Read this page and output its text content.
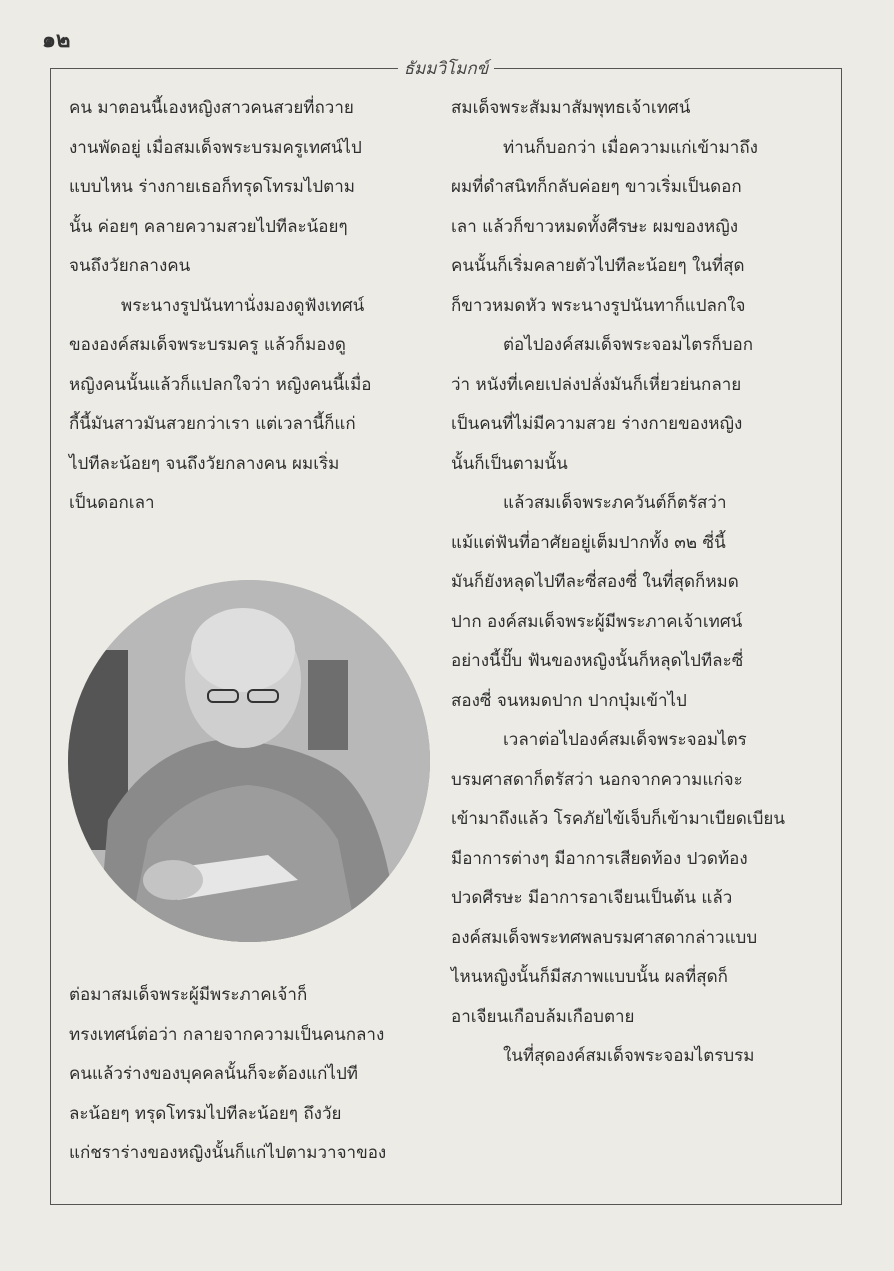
๑๒
ธัมมวิโมกข์

คน มาตอนนี้เองหญิงสาวคนสวยที่ถวาย

งานพัดอยู่ เมื่อสมเด็จพระบรมครูเทศน์ไป

แบบไหน ร่างกายเธอก็ทรุดโทรมไปตาม

นั้น ค่อยๆ คลายความสวยไปทีละน้อยๆ

จนถึงวัยกลางคน

พระนางรูปนันทานั่งมองดูฟังเทศน์

ขององค์สมเด็จพระบรมครู แล้วก็มองดู

หญิงคนนั้นแล้วก็แปลกใจว่า หญิงคนนี้เมื่อ

กี้นี้มันสาวมันสวยกว่าเรา แต่เวลานี้ก็แก่

ไปทีละน้อยๆ จนถึงวัยกลางคน ผมเริ่ม

เป็นดอกเลา

ต่อมาสมเด็จพระผู้มีพระภาคเจ้าก็

ทรงเทศน์ต่อว่า กลายจากความเป็นคนกลาง

คนแล้วร่างของบุคคลนั้นก็จะต้องแก่ไปที

ละน้อยๆ ทรุดโทรมไปทีละน้อยๆ ถึงวัย

แก่ชราร่างของหญิงนั้นก็แก่ไปตามวาจาของ

สมเด็จพระสัมมาสัมพุทธเจ้าเทศน์

ท่านก็บอกว่า เมื่อความแก่เข้ามาถึง

ผมที่ดำสนิทก็กลับค่อยๆ ขาวเริ่มเป็นดอก

เลา แล้วก็ขาวหมดทั้งศีรษะ ผมของหญิง

คนนั้นก็เริ่มคลายตัวไปทีละน้อยๆ ในที่สุด

ก็ขาวหมดหัว พระนางรูปนันทาก็แปลกใจ

ต่อไปองค์สมเด็จพระจอมไตรก็บอก

ว่า หนังที่เคยเปล่งปลั่งมันก็เหี่ยวย่นกลาย

เป็นคนที่ไม่มีความสวย ร่างกายของหญิง

นั้นก็เป็นตามนั้น

แล้วสมเด็จพระภควันต์ก็ตรัสว่า

แม้แต่ฟันที่อาศัยอยู่เต็มปากทั้ง ๓๒ ซี่นี้

มันก็ยังหลุดไปทีละซี่สองซี่ ในที่สุดก็หมด

ปาก องค์สมเด็จพระผู้มีพระภาคเจ้าเทศน์

อย่างนี้ปั๊บ ฟันของหญิงนั้นก็หลุดไปทีละซี่

สองซี่ จนหมดปาก ปากบุ๋มเข้าไป

เวลาต่อไปองค์สมเด็จพระจอมไตร

บรมศาสดาก็ตรัสว่า นอกจากความแก่จะ

เข้ามาถึงแล้ว โรคภัยไข้เจ็บก็เข้ามาเบียดเบียน

มีอาการต่างๆ มีอาการเสียดท้อง ปวดท้อง

ปวดศีรษะ มีอาการอาเจียนเป็นต้น แล้ว

องค์สมเด็จพระทศพลบรมศาสดากล่าวแบบ

ไหนหญิงนั้นก็มีสภาพแบบนั้น ผลที่สุดก็

อาเจียนเกือบล้มเกือบตาย

ในที่สุดองค์สมเด็จพระจอมไตรบรม
